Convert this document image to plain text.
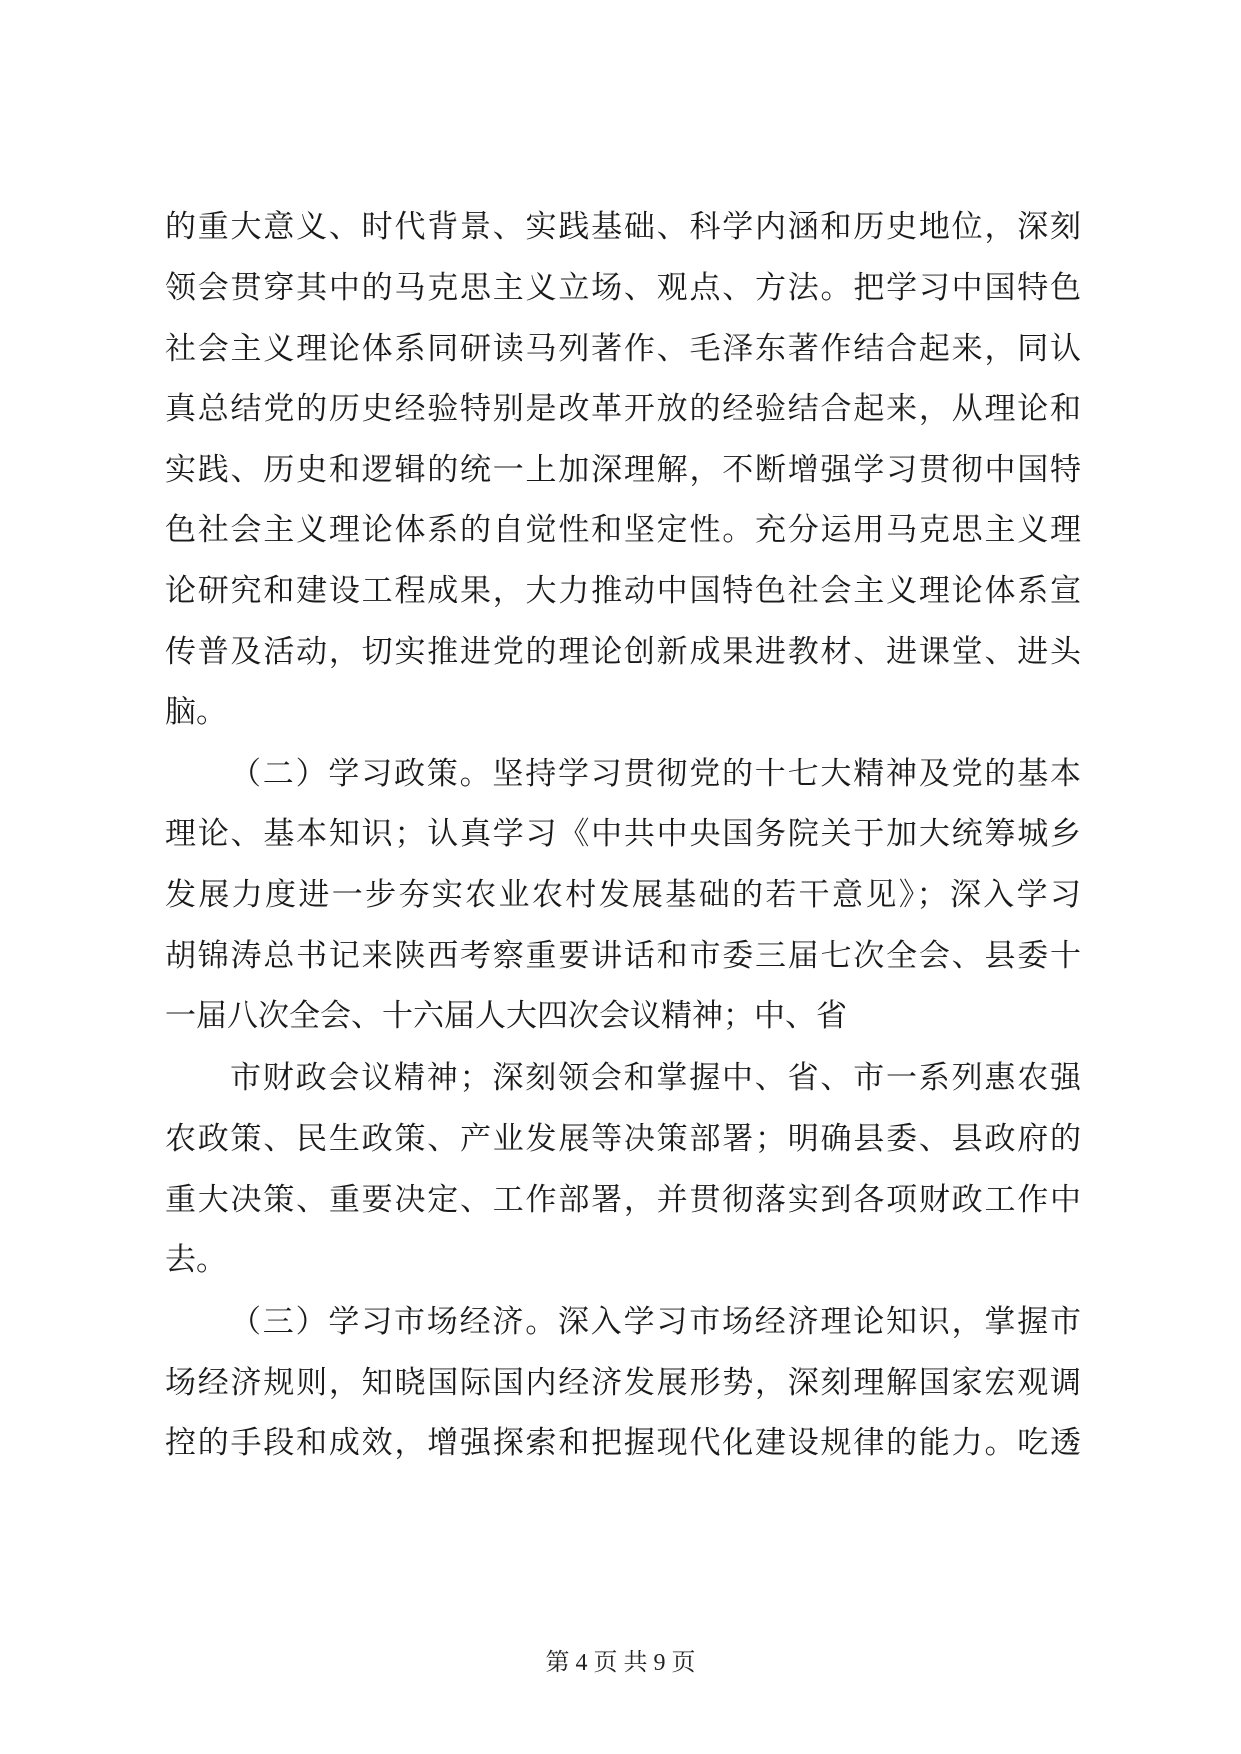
的重大意义、时代背景、实践基础、科学内涵和历史地位，深刻
领会贯穿其中的马克思主义立场、观点、方法。把学习中国特色
社会主义理论体系同研读马列著作、毛泽东著作结合起来，同认
真总结党的历史经验特别是改革开放的经验结合起来，从理论和
实践、历史和逻辑的统一上加深理解，不断增强学习贯彻中国特
色社会主义理论体系的自觉性和坚定性。充分运用马克思主义理
论研究和建设工程成果，大力推动中国特色社会主义理论体系宣
传普及活动，切实推进党的理论创新成果进教材、进课堂、进头
脑。
（二）学习政策。坚持学习贯彻党的十七大精神及党的基本
理论、基本知识；认真学习《中共中央国务院关于加大统筹城乡
发展力度进一步夯实农业农村发展基础的若干意见》；深入学习
胡锦涛总书记来陕西考察重要讲话和市委三届七次全会、县委十
一届八次全会、十六届人大四次会议精神；中、省
市财政会议精神；深刻领会和掌握中、省、市一系列惠农强
农政策、民生政策、产业发展等决策部署；明确县委、县政府的
重大决策、重要决定、工作部署，并贯彻落实到各项财政工作中
去。
（三）学习市场经济。深入学习市场经济理论知识，掌握市
场经济规则，知晓国际国内经济发展形势，深刻理解国家宏观调
控的手段和成效，增强探索和把握现代化建设规律的能力。吃透
第 4 页 共 9 页
